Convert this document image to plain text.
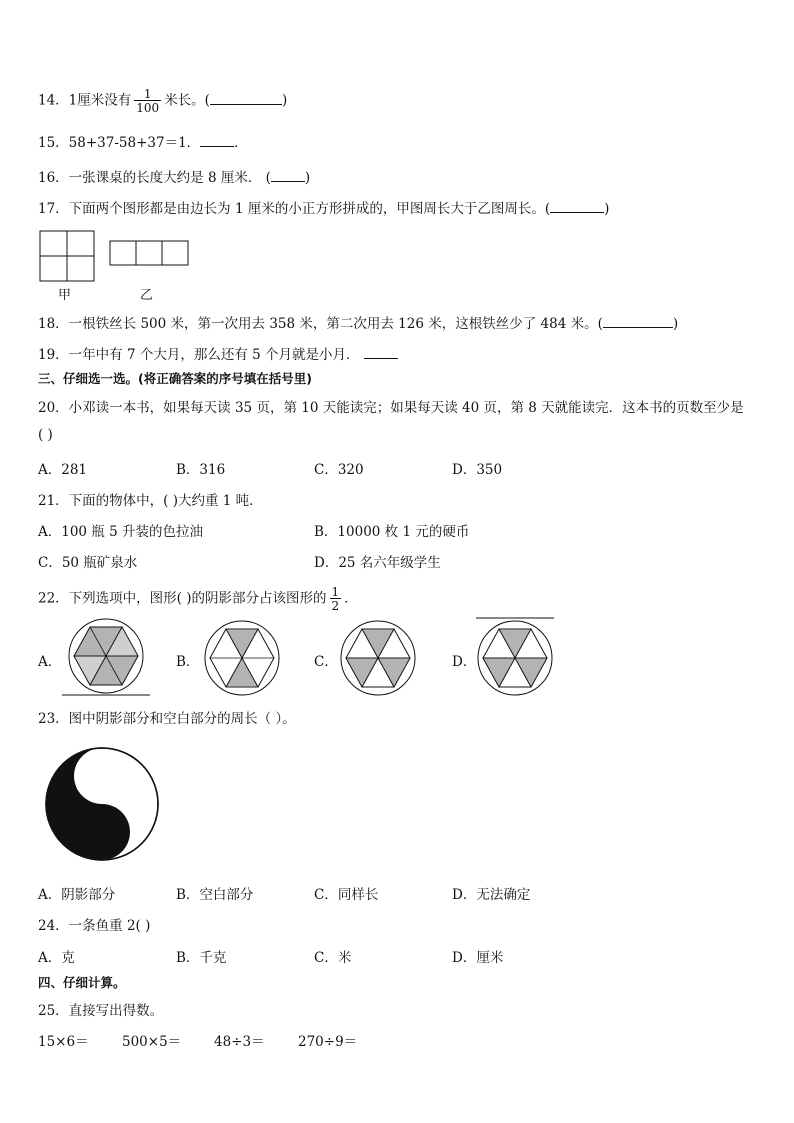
14．1厘米没有 $\frac{1}{100}$ 米长。(	)
15．58+37-58+37＝1．	．
16．一张课桌的长度大约是 8 厘米． (	)
17．下面两个图形都是由边长为 1 厘米的小正方形拼成的，甲图周长大于乙图周长。(	)
甲	乙
18．一根铁丝长 500 米，第一次用去 358 米，第二次用去 126 米，这根铁丝少了 484 米。(	)
19．一年中有 7 个大月，那么还有 5 个月就是小月．
三、仔细选一选。(将正确答案的序号填在括号里)
20．小邓读一本书，如果每天读 35 页，第 10 天能读完；如果每天读 40 页，第 8 天就能读完．这本书的页数至少是
( )
A．281	B．316	C．320	D．350
21．下面的物体中，( )大约重 1 吨．
A．100 瓶 5 升装的色拉油	B．10000 枚 1 元的硬币
C．50 瓶矿泉水	D．25 名六年级学生
22．下列选项中，图形( )的阴影部分占该图形的 $\frac{1}{2}$ ．
A．	B．	C．	D．
23．图中阴影部分和空白部分的周长（ ）。
A．阴影部分	B．空白部分	C．同样长	D．无法确定
24．一条鱼重 2( )
A．克	B．千克	C．米	D．厘米
四、仔细计算。
25．直接写出得数。
15×6＝ 500×5＝ 48÷3＝ 270÷9＝
